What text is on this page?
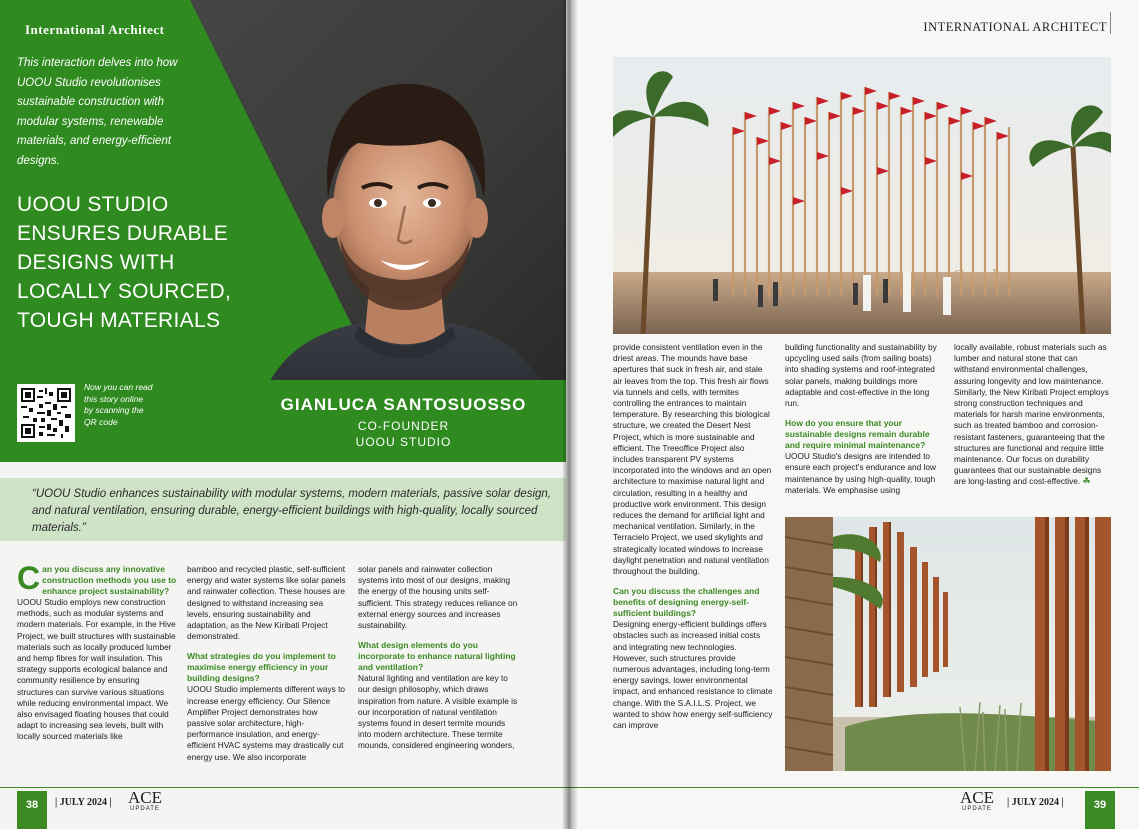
International Architect

This interaction delves into how UOOU Studio revolutionises sustainable construction with modular systems, renewable materials, and energy-efficient designs.

UOOU STUDIO ENSURES DURABLE DESIGNS WITH LOCALLY SOURCED, TOUGH MATERIALS

Now you can read this story online by scanning the QR code

GIANLUCA SANTOSUOSSO
CO-FOUNDER
UOOU STUDIO

“UOOU Studio enhances sustainability with modular systems, modern materials, passive solar design, and natural ventilation, ensuring durable, energy-efficient buildings with high-quality, locally sourced materials.”

C an you discuss any innovative construction methods you use to enhance project sustainability?
UOOU Studio employs new construction methods, such as modular systems and modern materials. For example, in the Hive Project, we built structures with sustainable materials such as locally produced lumber and hemp fibres for wall insulation. This strategy supports ecological balance and community resilience by ensuring structures can survive various situations while reducing environmental impact. We also envisaged floating houses that could adapt to increasing sea levels, built with locally sourced materials like
bamboo and recycled plastic, self-sufficient energy and water systems like solar panels and rainwater collection. These houses are designed to withstand increasing sea levels, ensuring sustainability and adaptation, as the New Kiribati Project demonstrated.
What strategies do you implement to maximise energy efficiency in your building designs?
UOOU Studio implements different ways to increase energy efficiency. Our Silence Amplifier Project demonstrates how passive solar architecture, high-performance insulation, and energy-efficient HVAC systems may drastically cut energy use. We also incorporate
solar panels and rainwater collection systems into most of our designs, making the energy of the housing units self-sufficient. This strategy reduces reliance on external energy sources and increases sustainability.
What design elements do you incorporate to enhance natural lighting and ventilation?
Natural lighting and ventilation are key to our design philosophy, which draws inspiration from nature. A visible example is our incorporation of natural ventilation systems found in desert termite mounds into modern architecture. These termite mounds, considered engineering wonders,
38	| JULY 2024 | ACE
UPDATE
INTERNATIONAL ARCHITECT
Canada
provide consistent ventilation even in the driest areas. The mounds have base apertures that suck in fresh air, and stale air leaves from the top. This fresh air flows via tunnels and cells, with termites controlling the entrances to maintain temperature. By researching this biological structure, we created the Desert Nest Project, which is more sustainable and efficient. The Treeoffice Project also includes transparent PV systems incorporated into the windows and an open architecture to maximise natural light and circulation, resulting in a healthy and productive work environment. This design reduces the demand for artificial light and mechanical ventilation. Similarly, in the Terracielo Project, we used skylights and strategically located windows to increase daylight penetration and natural ventilation throughout the building.
Can you discuss the challenges and benefits of designing energy-self-sufficient buildings?
Designing energy-efficient buildings offers obstacles such as increased initial costs and integrating new technologies. However, such structures provide numerous advantages, including long-term energy savings, lower environmental impact, and enhanced resistance to climate change. With the S.A.I.L.S. Project, we wanted to show how energy self-sufficiency can improve
building functionality and sustainability by upcycling used sails (from sailing boats) into shading systems and roof-integrated solar panels, making buildings more adaptable and cost-effective in the long run.
How do you ensure that your sustainable designs remain durable and require minimal maintenance?
UOOU Studio's designs are intended to ensure each project's endurance and low maintenance by using high-quality, tough materials. We emphasise using
locally available, robust materials such as lumber and natural stone that can withstand environmental challenges, assuring longevity and low maintenance. Similarly, the New Kiribati Project employs strong construction techniques and materials for harsh marine environments, such as treated bamboo and corrosion-resistant fasteners, guaranteeing that the structures are functional and require little maintenance. Our focus on durability guarantees that our sustainable designs are long-lasting and cost-effective. ☘
ACE
UPDATE
| JULY 2024 |	39
